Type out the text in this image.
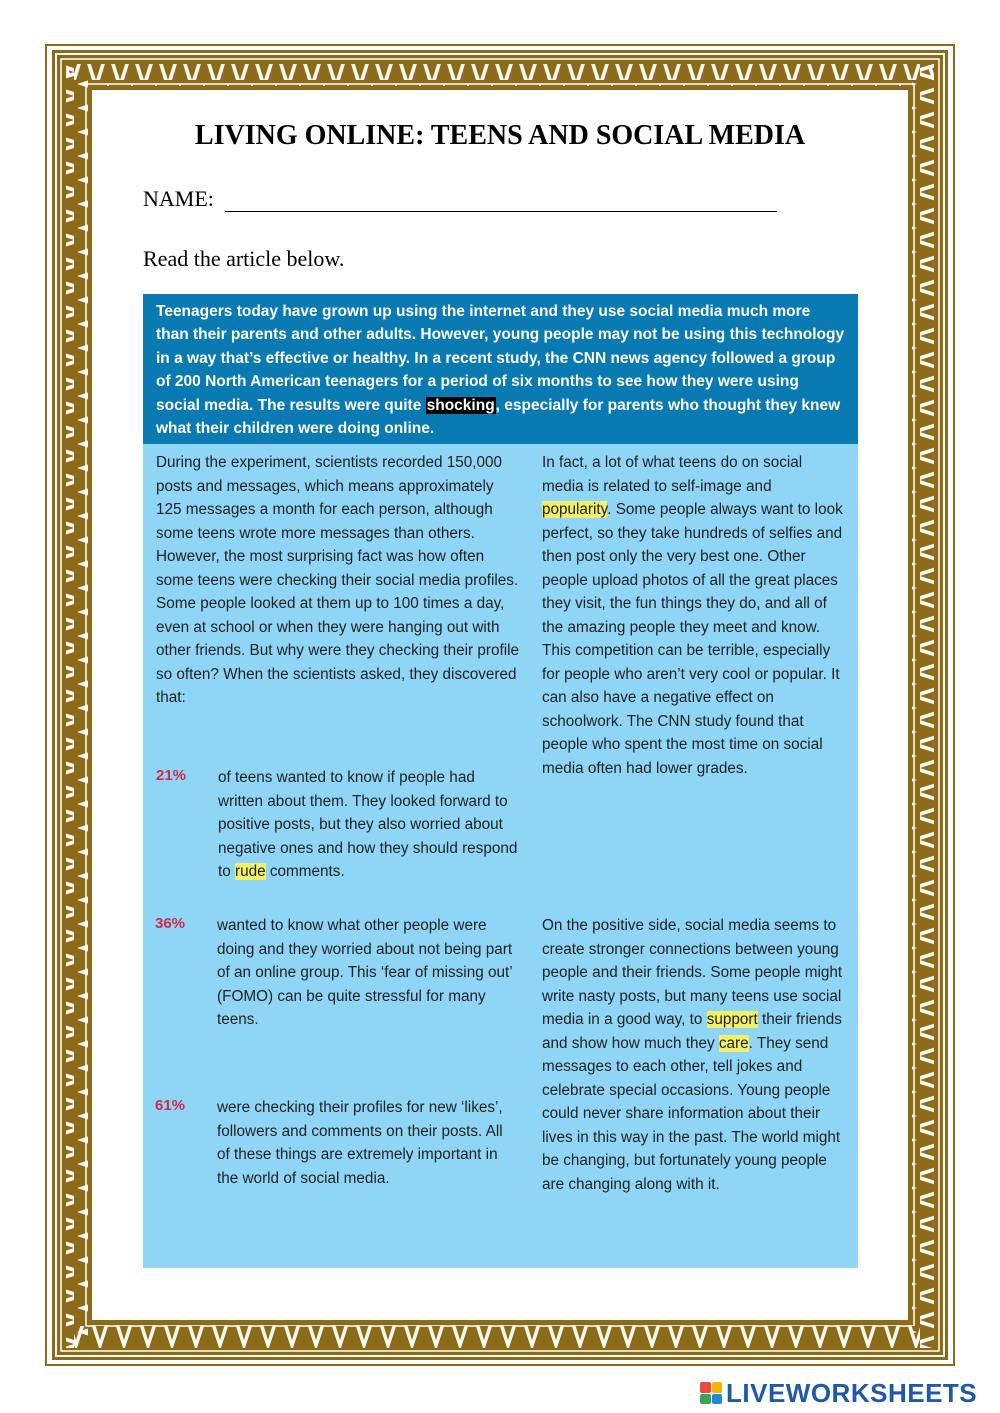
LIVING ONLINE: TEENS AND SOCIAL MEDIA
NAME:
Read the article below.
Teenagers today have grown up using the internet and they use social media much more than their parents and other adults. However, young people may not be using this technology in a way that’s effective or healthy. In a recent study, the CNN news agency followed a group of 200 North American teenagers for a period of six months to see how they were using social media. The results were quite shocking, especially for parents who thought they knew what their children were doing online.

During the experiment, scientists recorded 150,000 posts and messages, which means approximately 125 messages a month for each person, although some teens wrote more messages than others. However, the most surprising fact was how often some teens were checking their social media profiles. Some people looked at them up to 100 times a day, even at school or when they were hanging out with other friends. But why were they checking their profile so often? When the scientists asked, they discovered that:

21% of teens wanted to know if people had written about them. They looked forward to positive posts, but they also worried about negative ones and how they should respond to rude comments.
36% wanted to know what other people were doing and they worried about not being part of an online group. This ‘fear of missing out’ (FOMO) can be quite stressful for many teens.
61% were checking their profiles for new ‘likes’, followers and comments on their posts. All of these things are extremely important in the world of social media.
In fact, a lot of what teens do on social media is related to self-image and popularity. Some people always want to look perfect, so they take hundreds of selfies and then post only the very best one. Other people upload photos of all the great places they visit, the fun things they do, and all of the amazing people they meet and know. This competition can be terrible, especially for people who aren’t very cool or popular. It can also have a negative effect on schoolwork. The CNN study found that people who spent the most time on social media often had lower grades.
On the positive side, social media seems to create stronger connections between young people and their friends. Some people might write nasty posts, but many teens use social media in a good way, to support their friends and show how much they care. They send messages to each other, tell jokes and celebrate special occasions. Young people could never share information about their lives in this way in the past. The world might be changing, but fortunately young people are changing along with it.
LIVEWORKSHEETS
